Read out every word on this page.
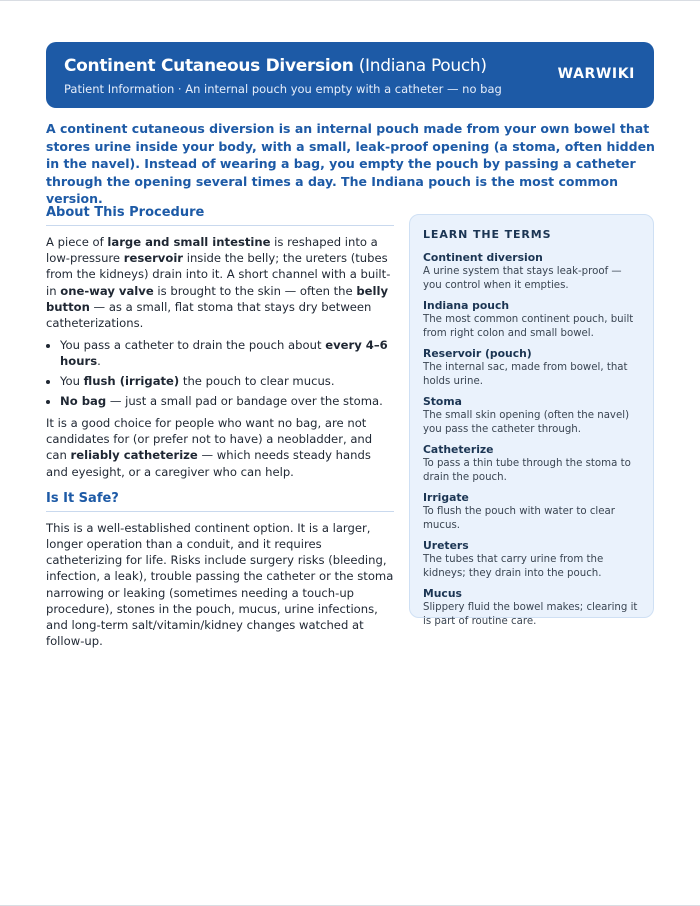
Continent Cutaneous Diversion (Indiana Pouch)
Patient Information · An internal pouch you empty with a catheter — no bag
WARWIKI
A continent cutaneous diversion is an internal pouch made from your own bowel that stores urine inside your body, with a small, leak-proof opening (a stoma, often hidden in the navel). Instead of wearing a bag, you empty the pouch by passing a catheter through the opening several times a day. The Indiana pouch is the most common version.
About This Procedure

A piece of large and small intestine is reshaped into a low-pressure reservoir inside the belly; the ureters (tubes from the kidneys) drain into it. A short channel with a built-in one-way valve is brought to the skin — often the belly button — as a small, flat stoma that stays dry between catheterizations.

• You pass a catheter to drain the pouch about every 4–6 hours.
• You flush (irrigate) the pouch to clear mucus.
• No bag — just a small pad or bandage over the stoma.

It is a good choice for people who want no bag, are not candidates for (or prefer not to have) a neobladder, and can reliably catheterize — which needs steady hands and eyesight, or a caregiver who can help.

Is It Safe?

This is a well-established continent option. It is a larger, longer operation than a conduit, and it requires catheterizing for life. Risks include surgery risks (bleeding, infection, a leak), trouble passing the catheter or the stoma narrowing or leaking (sometimes needing a touch-up procedure), stones in the pouch, mucus, urine infections, and long-term salt/vitamin/kidney changes watched at follow-up.

LEARN THE TERMS
Continent diversion
A urine system that stays leak-proof — you control when it empties.
Indiana pouch
The most common continent pouch, built from right colon and small bowel.
Reservoir (pouch)
The internal sac, made from bowel, that holds urine.
Stoma
The small skin opening (often the navel) you pass the catheter through.
Catheterize
To pass a thin tube through the stoma to drain the pouch.
Irrigate
To flush the pouch with water to clear mucus.
Ureters
The tubes that carry urine from the kidneys; they drain into the pouch.
Mucus
Slippery fluid the bowel makes; clearing it is part of routine care.
